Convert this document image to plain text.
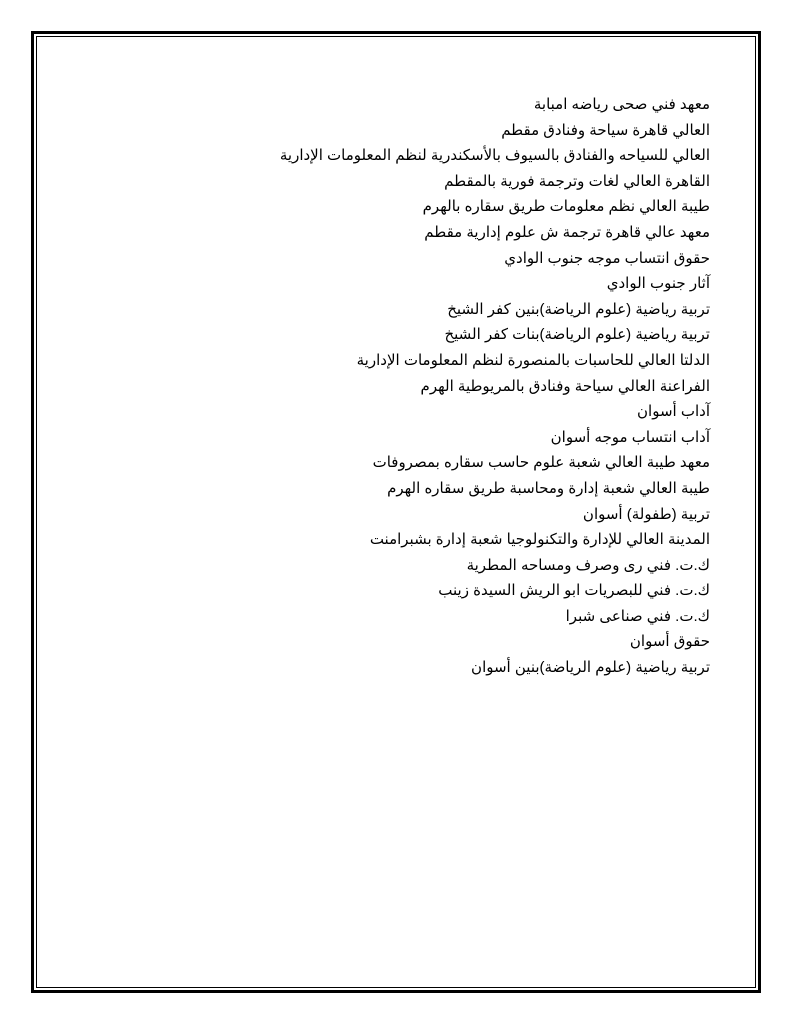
معهد فني صحى رياضه امبابة
العالي قاهرة سياحة وفنادق مقطم
العالي للسياحه والفنادق بالسيوف بالأسكندرية لنظم المعلومات الإدارية
القاهرة العالي لغات وترجمة فورية بالمقطم
طيبة العالي نظم معلومات طريق سقاره بالهرم
معهد عالي قاهرة ترجمة ش علوم إدارية مقطم
حقوق انتساب موجه جنوب الوادي
آثار جنوب الوادي
تربية رياضية (علوم الرياضة)بنين كفر الشيخ
تربية رياضية (علوم الرياضة)بنات كفر الشيخ
الدلتا العالي للحاسبات بالمنصورة لنظم المعلومات الإدارية
الفراعنة العالي سياحة وفنادق بالمريوطية الهرم
آداب أسوان
آداب انتساب موجه أسوان
معهد طيبة العالي شعبة علوم حاسب سقاره بمصروفات
طيبة العالي شعبة إدارة ومحاسبة طريق سقاره الهرم
تربية (طفولة) أسوان
المدينة العالي للإدارة والتكنولوجيا شعبة إدارة بشبرامنت
ك.ت. فني رى وصرف ومساحه المطرية
ك.ت. فني للبصريات ابو الريش السيدة زينب
ك.ت. فني صناعى شبرا
حقوق أسوان
تربية رياضية (علوم الرياضة)بنين أسوان
